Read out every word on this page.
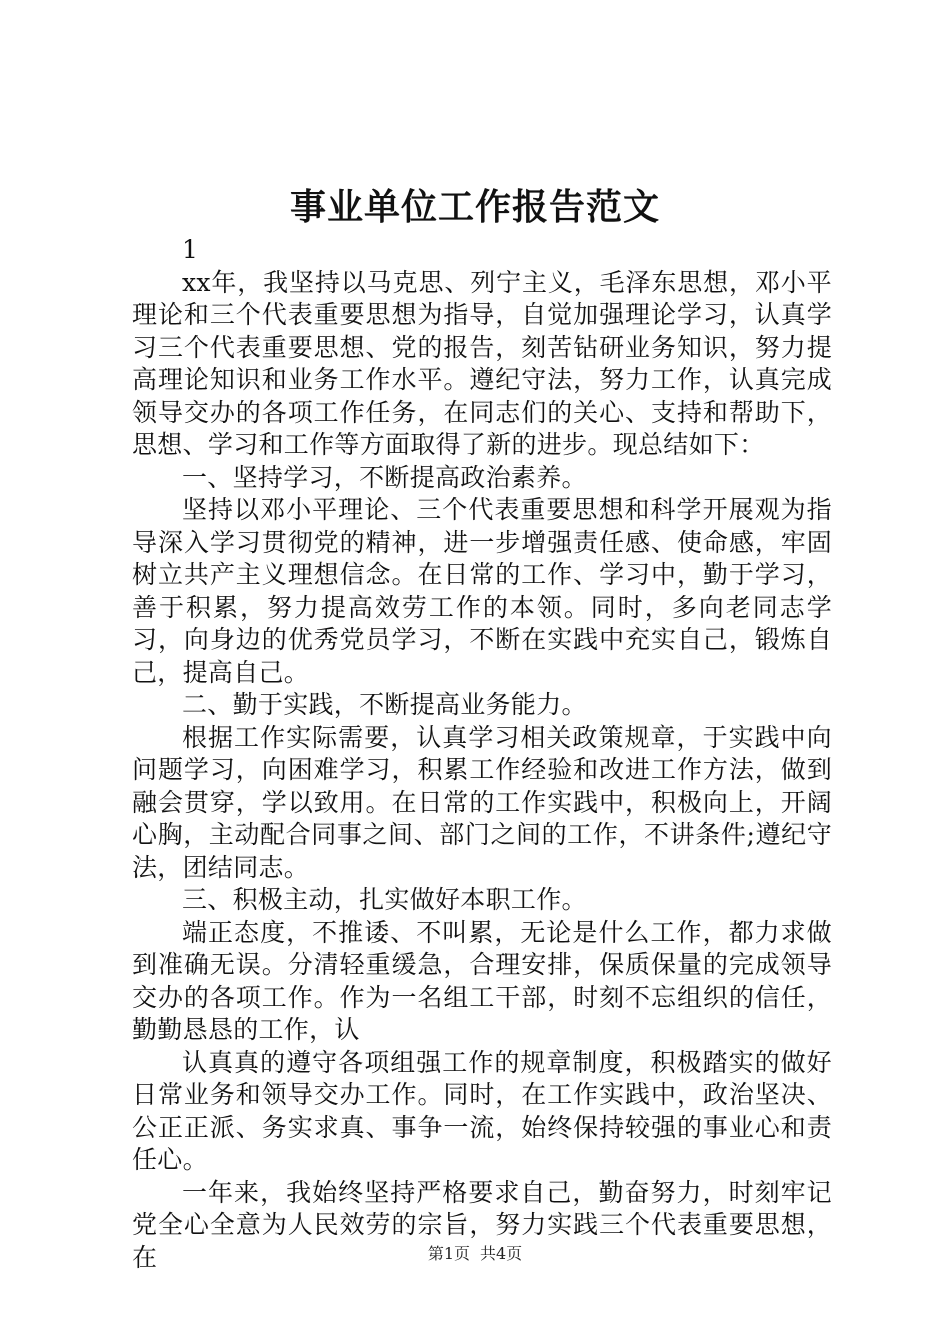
事业单位工作报告范文

1

xx年，我坚持以马克思、列宁主义，毛泽东思想，邓小平理论和三个代表重要思想为指导，自觉加强理论学习，认真学习三个代表重要思想、党的报告，刻苦钻研业务知识，努力提高理论知识和业务工作水平。遵纪守法，努力工作，认真完成领导交办的各项工作任务，在同志们的关心、支持和帮助下，思想、学习和工作等方面取得了新的进步。现总结如下：

一、坚持学习，不断提高政治素养。

坚持以邓小平理论、三个代表重要思想和科学开展观为指导深入学习贯彻党的精神，进一步增强责任感、使命感，牢固树立共产主义理想信念。在日常的工作、学习中，勤于学习，善于积累，努力提高效劳工作的本领。同时，多向老同志学习，向身边的优秀党员学习，不断在实践中充实自己，锻炼自己，提高自己。

二、勤于实践，不断提高业务能力。

根据工作实际需要，认真学习相关政策规章，于实践中向问题学习，向困难学习，积累工作经验和改进工作方法，做到融会贯穿，学以致用。在日常的工作实践中，积极向上，开阔心胸，主动配合同事之间、部门之间的工作，不讲条件;遵纪守法，团结同志。

三、积极主动，扎实做好本职工作。

端正态度，不推诿、不叫累，无论是什么工作，都力求做到准确无误。分清轻重缓急，合理安排，保质保量的完成领导交办的各项工作。作为一名组工干部，时刻不忘组织的信任，勤勤恳恳的工作，认

认真真的遵守各项组强工作的规章制度，积极踏实的做好日常业务和领导交办工作。同时，在工作实践中，政治坚决、公正正派、务实求真、事争一流，始终保持较强的事业心和责任心。

一年来，我始终坚持严格要求自己，勤奋努力，时刻牢记党全心全意为人民效劳的宗旨，努力实践三个代表重要思想，在	第1页 共4页
